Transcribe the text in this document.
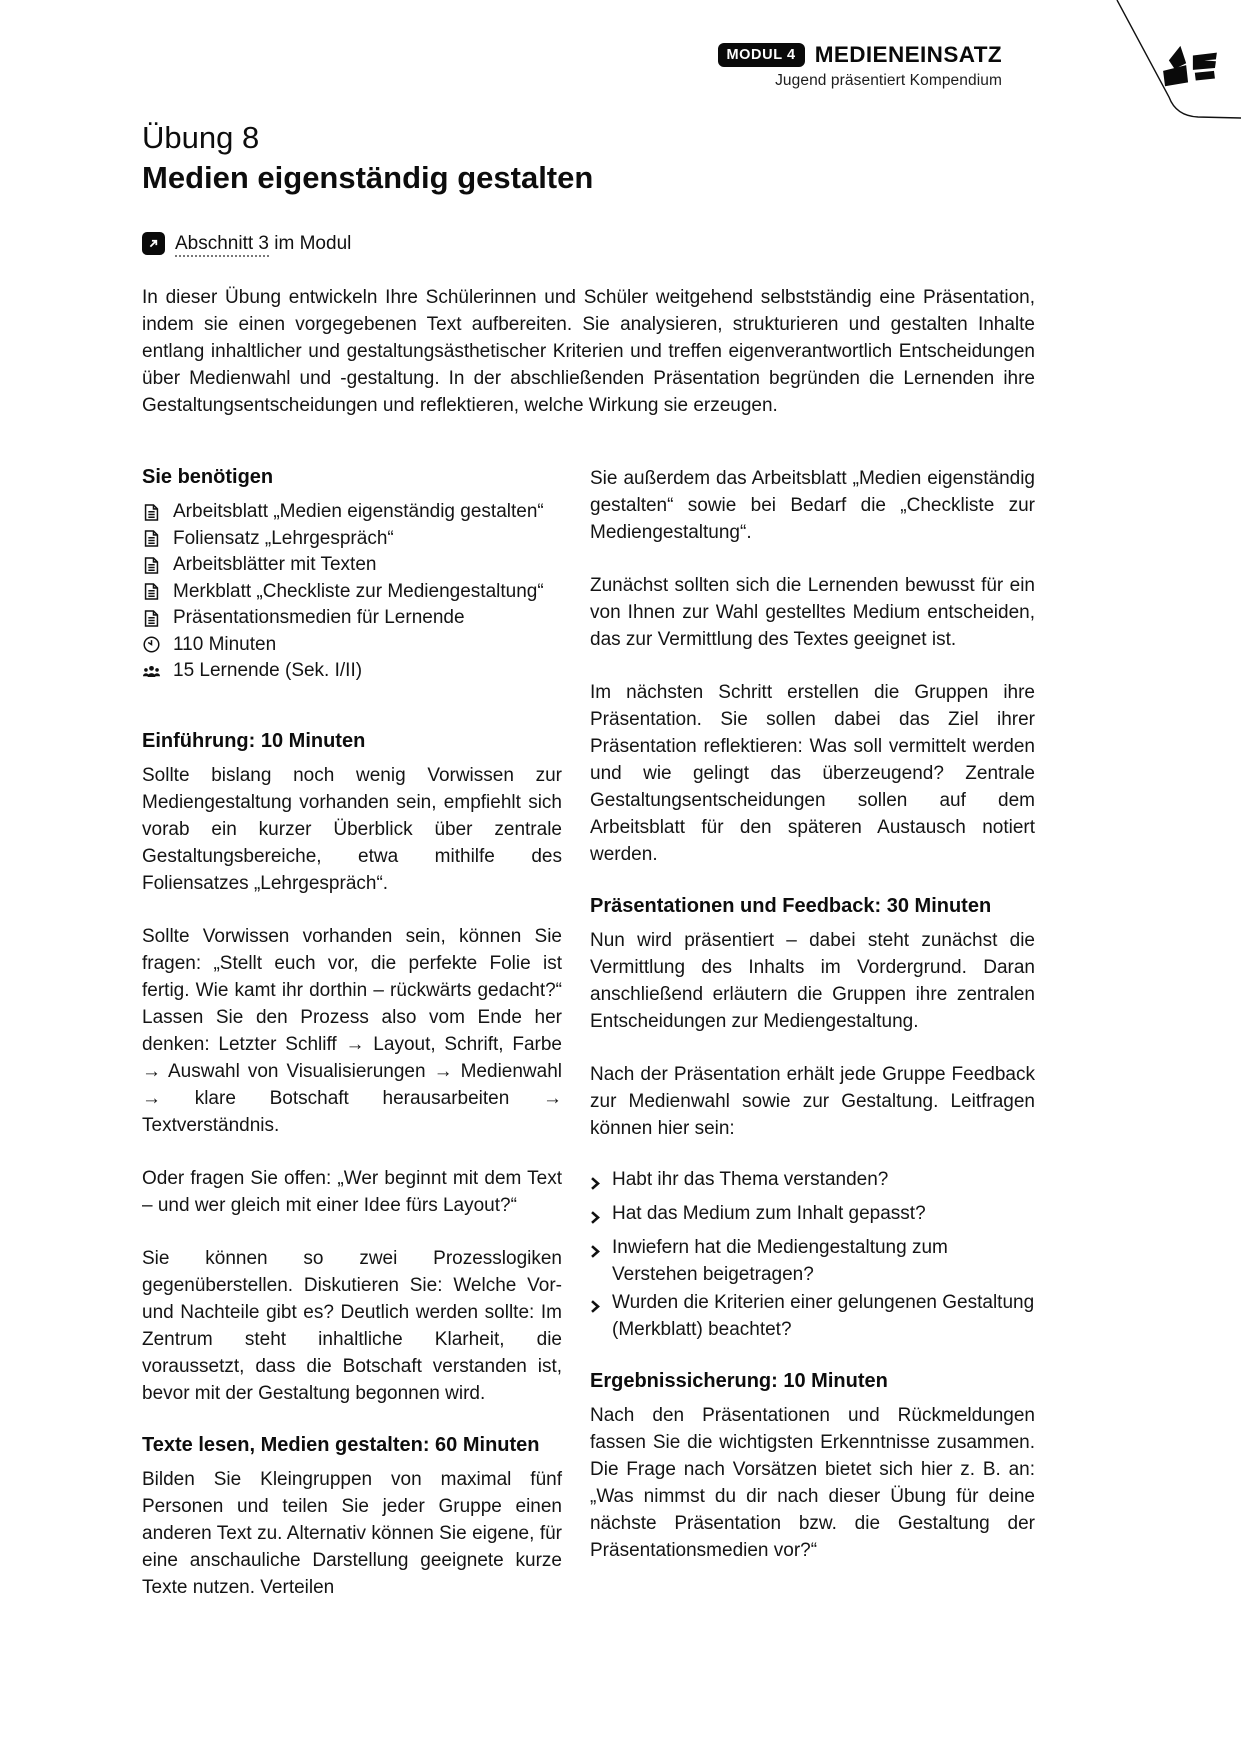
MODUL 4 MEDIENEINSATZ
Jugend präsentiert Kompendium
Übung 8
Medien eigenständig gestalten
Abschnitt 3 im Modul

In dieser Übung entwickeln Ihre Schülerinnen und Schüler weitgehend selbstständig eine Präsentation, indem sie einen vorgegebenen Text aufbereiten. Sie analysieren, strukturieren und gestalten Inhalte entlang inhaltlicher und gestaltungsästhetischer Kriterien und treffen eigenverantwortlich Entscheidungen über Medienwahl und -gestaltung. In der abschließenden Präsentation begründen die Lernenden ihre Gestaltungsentscheidungen und reflektieren, welche Wirkung sie erzeugen.

Sie benötigen
Arbeitsblatt „Medien eigenständig gestalten“
Foliensatz „Lehrgespräch“
Arbeitsblätter mit Texten
Merkblatt „Checkliste zur Mediengestaltung“
Präsentationsmedien für Lernende
110 Minuten
15 Lernende (Sek. I/II)
Einführung: 10 Minuten

Sollte bislang noch wenig Vorwissen zur Mediengestaltung vorhanden sein, empfiehlt sich vorab ein kurzer Überblick über zentrale Gestaltungsbereiche, etwa mithilfe des Foliensatzes „Lehrgespräch“.

Sollte Vorwissen vorhanden sein, können Sie fragen: „Stellt euch vor, die perfekte Folie ist fertig. Wie kamt ihr dorthin – rückwärts gedacht?“ Lassen Sie den Prozess also vom Ende her denken: Letzter Schliff → Layout, Schrift, Farbe → Auswahl von Visualisierungen → Medienwahl → klare Botschaft herausarbeiten → Textverständnis.

Oder fragen Sie offen: „Wer beginnt mit dem Text – und wer gleich mit einer Idee fürs Layout?“

Sie können so zwei Prozesslogiken gegenüberstellen. Diskutieren Sie: Welche Vor- und Nachteile gibt es? Deutlich werden sollte: Im Zentrum steht inhaltliche Klarheit, die voraussetzt, dass die Botschaft verstanden ist, bevor mit der Gestaltung begonnen wird.

Texte lesen, Medien gestalten: 60 Minuten

Bilden Sie Kleingruppen von maximal fünf Personen und teilen Sie jeder Gruppe einen anderen Text zu. Alternativ können Sie eigene, für eine anschauliche Darstellung geeignete kurze Texte nutzen. Verteilen

Sie außerdem das Arbeitsblatt „Medien eigenständig gestalten“ sowie bei Bedarf die „Checkliste zur Mediengestaltung“.

Zunächst sollten sich die Lernenden bewusst für ein von Ihnen zur Wahl gestelltes Medium entscheiden, das zur Vermittlung des Textes geeignet ist.

Im nächsten Schritt erstellen die Gruppen ihre Präsentation. Sie sollen dabei das Ziel ihrer Präsentation reflektieren: Was soll vermittelt werden und wie gelingt das überzeugend? Zentrale Gestaltungsentscheidungen sollen auf dem Arbeitsblatt für den späteren Austausch notiert werden.

Präsentationen und Feedback: 30 Minuten

Nun wird präsentiert – dabei steht zunächst die Vermittlung des Inhalts im Vordergrund. Daran anschließend erläutern die Gruppen ihre zentralen Entscheidungen zur Mediengestaltung.

Nach der Präsentation erhält jede Gruppe Feedback zur Medienwahl sowie zur Gestaltung. Leitfragen können hier sein:

Habt ihr das Thema verstanden?
Hat das Medium zum Inhalt gepasst?
Inwiefern hat die Mediengestaltung zum Verstehen beigetragen?
Wurden die Kriterien einer gelungenen Gestaltung (Merkblatt) beachtet?
Ergebnissicherung: 10 Minuten

Nach den Präsentationen und Rückmeldungen fassen Sie die wichtigsten Erkenntnisse zusammen. Die Frage nach Vorsätzen bietet sich hier z. B. an: „Was nimmst du dir nach dieser Übung für deine nächste Präsentation bzw. die Gestaltung der Präsentationsmedien vor?“
